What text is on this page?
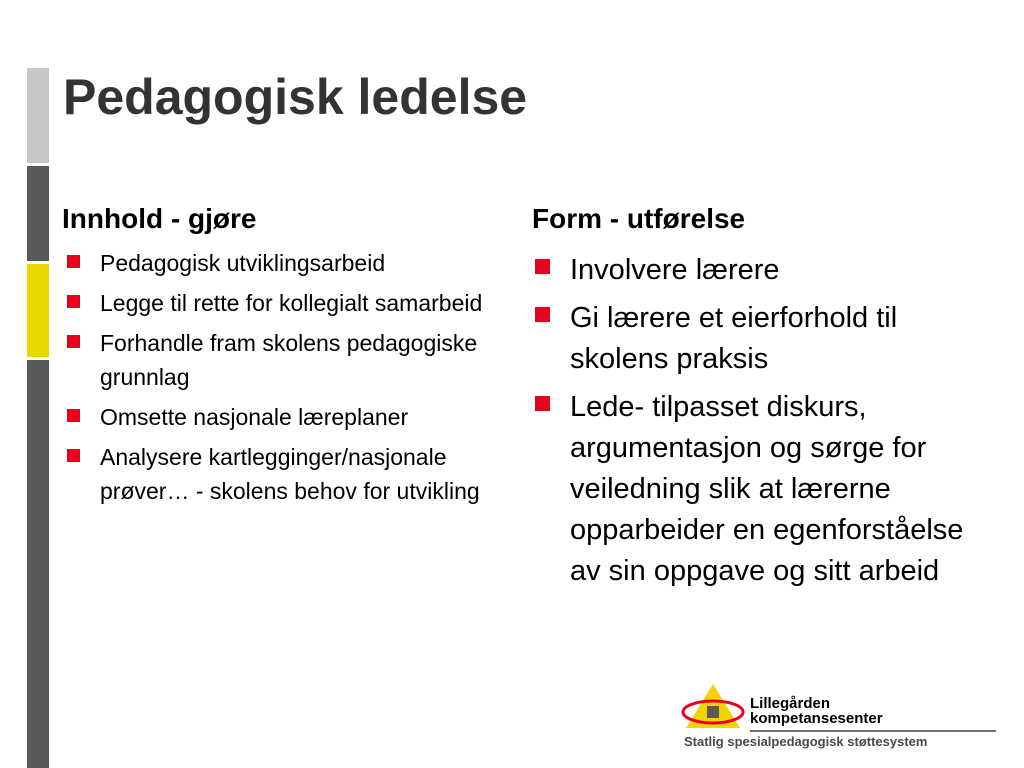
Pedagogisk ledelse
Innhold - gjøre
Pedagogisk utviklingsarbeid
Legge til rette for kollegialt samarbeid
Forhandle fram skolens pedagogiske grunnlag
Omsette nasjonale læreplaner
Analysere kartlegginger/nasjonale prøver… - skolens behov for utvikling
Form - utførelse
Involvere lærere
Gi lærere et eierforhold til skolens praksis
Lede- tilpasset diskurs, argumentasjon og sørge for veiledning slik at lærerne opparbeider en egenforståelse av sin oppgave og sitt arbeid
Lillegården
kompetansesenter
Statlig spesialpedagogisk støttesystem
